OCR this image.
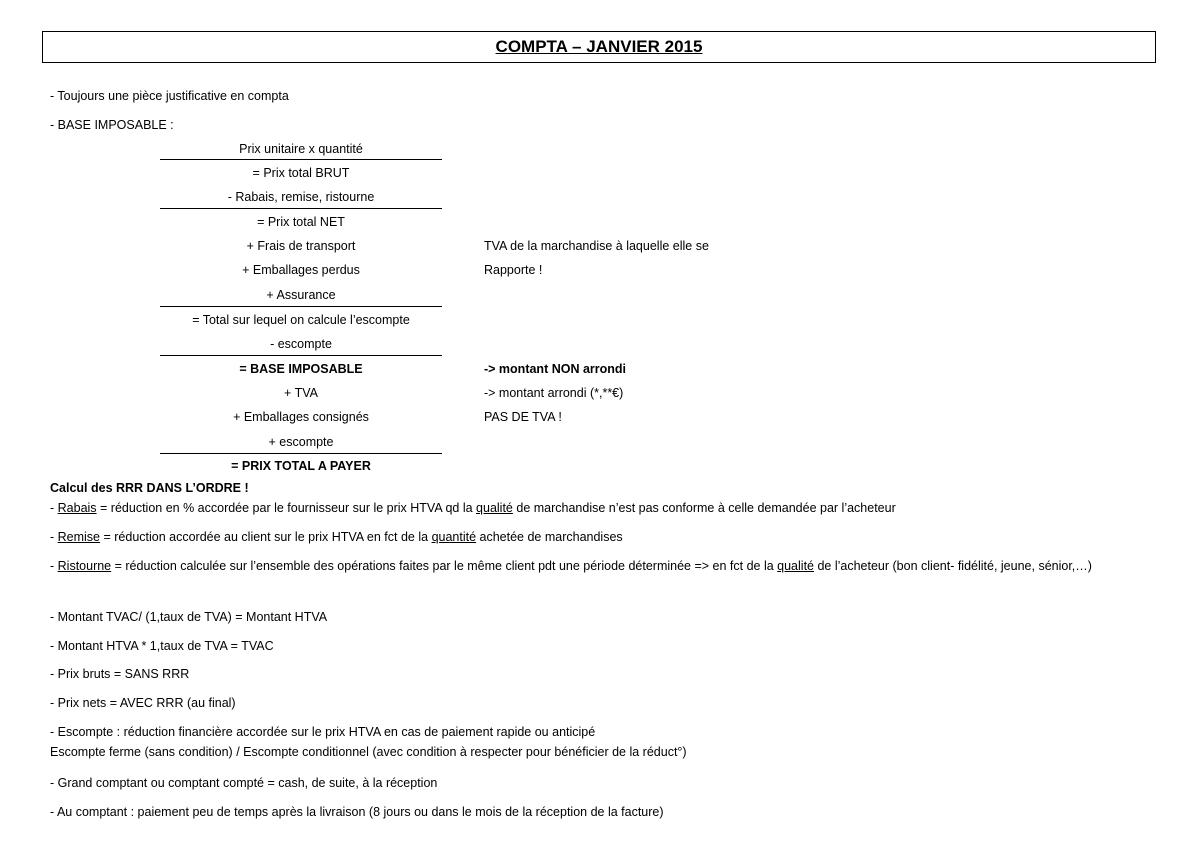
COMPTA – JANVIER 2015
- Toujours une pièce justificative en compta
- BASE IMPOSABLE :
Prix unitaire x quantité
= Prix total BRUT
- Rabais, remise, ristourne
= Prix total NET
+ Frais de transport
+ Emballages perdus
+ Assurance
= Total sur lequel on calcule l’escompte
- escompte
= BASE IMPOSABLE
+ TVA
+ Emballages consignés
+ escompte
= PRIX TOTAL A PAYER
TVA de la marchandise à laquelle elle se
Rapporte !
-> montant NON arrondi
-> montant arrondi (*,**€)
PAS DE TVA !
Calcul des RRR DANS L’ORDRE !
- Rabais = réduction en % accordée par le fournisseur sur le prix HTVA qd la qualité de marchandise n’est pas conforme à celle demandée par l’acheteur
- Remise = réduction accordée au client sur le prix HTVA en fct de la quantité achetée de marchandises
- Ristourne = réduction calculée sur l’ensemble des opérations faites par le même client pdt une période déterminée => en fct de la qualité de l’acheteur (bon client- fidélité, jeune, sénior,…)
- Montant TVAC/ (1,taux de TVA) = Montant HTVA
- Montant HTVA * 1,taux de TVA = TVAC
- Prix bruts = SANS RRR
- Prix nets = AVEC RRR (au final)
- Escompte : réduction financière accordée sur le prix HTVA en cas de paiement rapide ou anticipé
Escompte ferme (sans condition) / Escompte conditionnel (avec condition à respecter pour bénéficier de la réduct°)
- Grand comptant ou comptant compté = cash, de suite, à la réception
- Au comptant : paiement peu de temps après la livraison (8 jours ou dans le mois de la réception de la facture)
